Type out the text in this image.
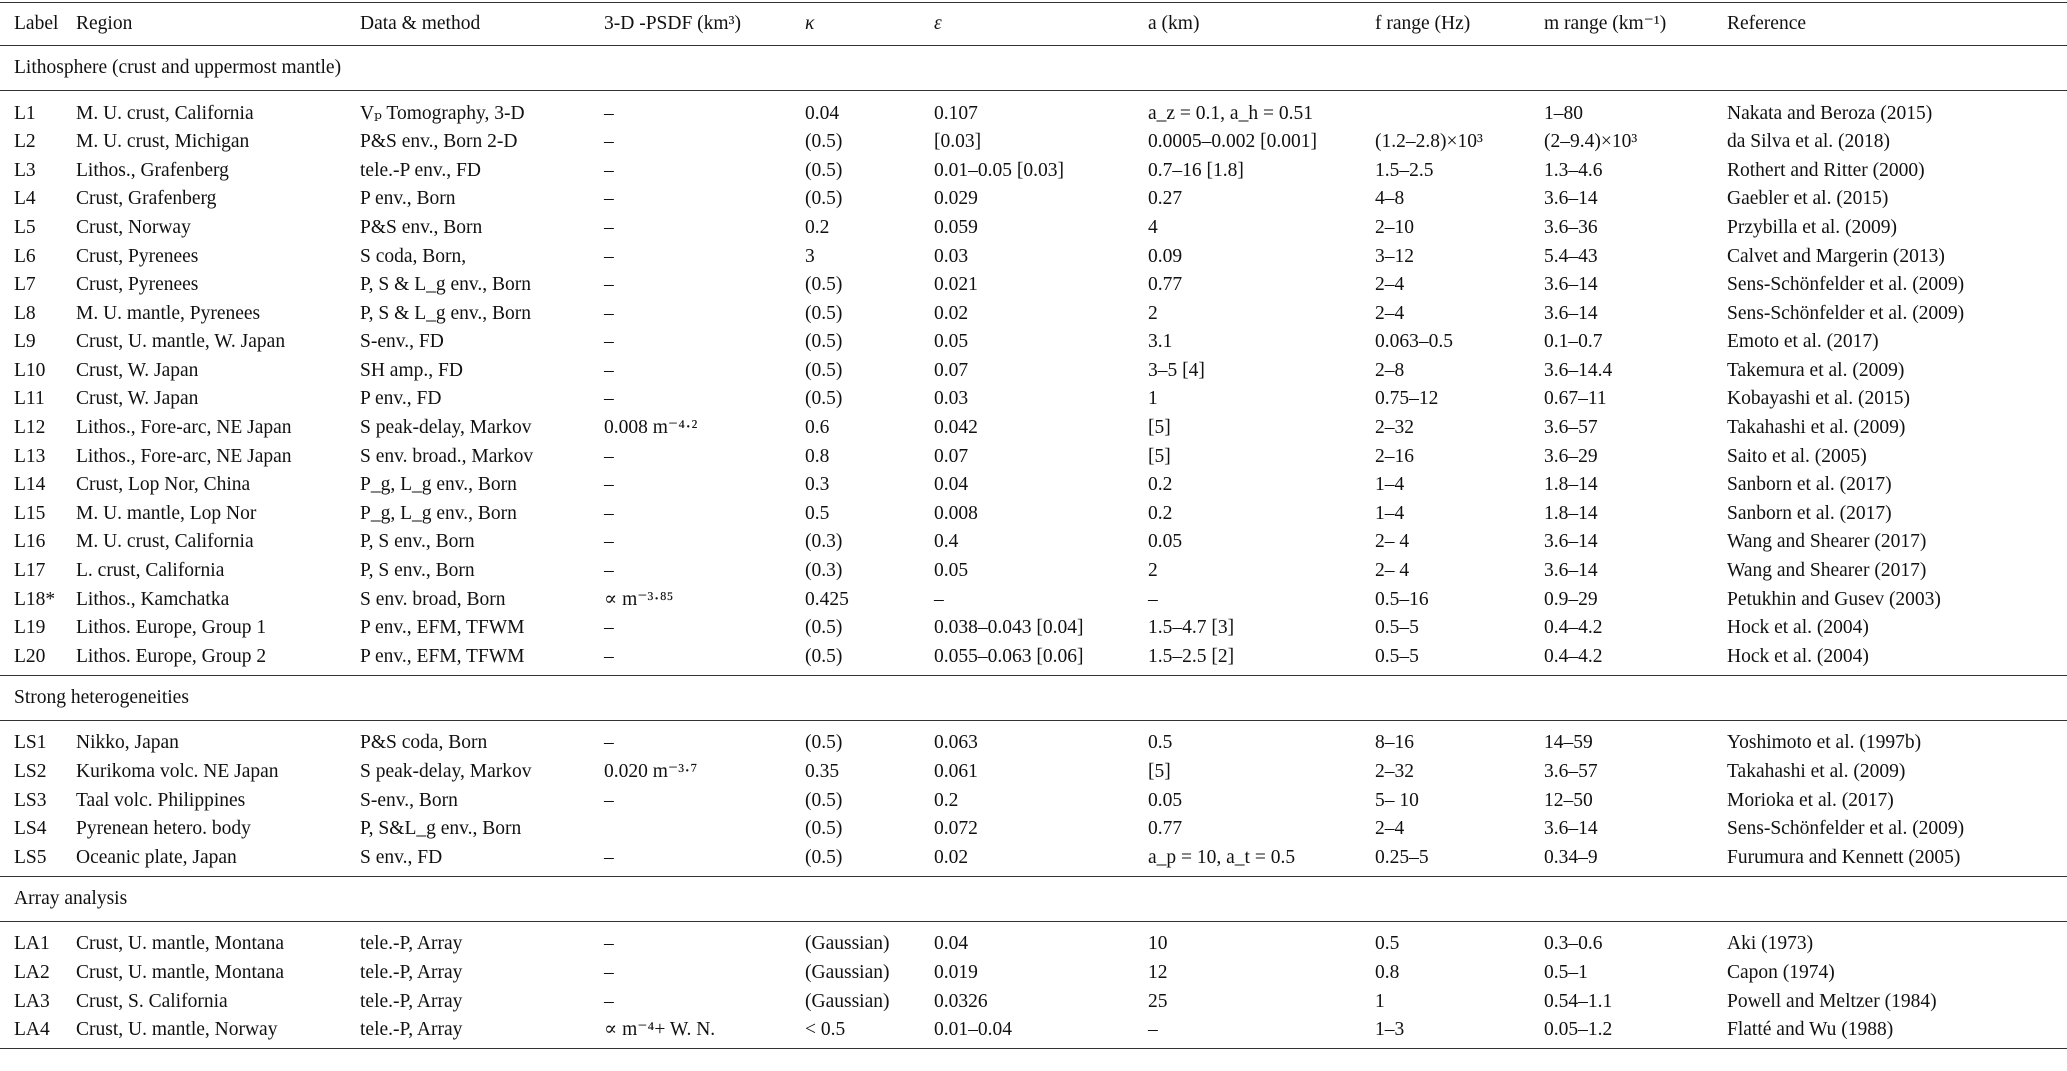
Label	Region	Data & method	3-D -PSDF (km³)	κ	ε	a (km)	f range (Hz)	m range (km⁻¹)	Reference
Lithosphere (crust and uppermost mantle)									

L1	M. U. crust, California	Vₚ Tomography, 3-D	–	0.04	0.107	a_z = 0.1, a_h = 0.51		1–80	Nakata and Beroza (2015)
L2	M. U. crust, Michigan	P&S env., Born 2-D	–	(0.5)	[0.03]	0.0005–0.002 [0.001]	(1.2–2.8)×10³	(2–9.4)×10³	da Silva et al. (2018)
L3	Lithos., Grafenberg	tele.-P env., FD	–	(0.5)	0.01–0.05 [0.03]	0.7–16 [1.8]	1.5–2.5	1.3–4.6	Rothert and Ritter (2000)
L4	Crust, Grafenberg	P env., Born	–	(0.5)	0.029	0.27	4–8	3.6–14	Gaebler et al. (2015)
L5	Crust, Norway	P&S env., Born	–	0.2	0.059	4	2–10	3.6–36	Przybilla et al. (2009)
L6	Crust, Pyrenees	S coda, Born,	–	3	0.03	0.09	3–12	5.4–43	Calvet and Margerin (2013)
L7	Crust, Pyrenees	P, S & L_g env., Born	–	(0.5)	0.021	0.77	2–4	3.6–14	Sens-Schönfelder et al. (2009)
L8	M. U. mantle, Pyrenees	P, S & L_g env., Born	–	(0.5)	0.02	2	2–4	3.6–14	Sens-Schönfelder et al. (2009)
L9	Crust, U. mantle, W. Japan	S-env., FD	–	(0.5)	0.05	3.1	0.063–0.5	0.1–0.7	Emoto et al. (2017)
L10	Crust, W. Japan	SH amp., FD	–	(0.5)	0.07	3–5 [4]	2–8	3.6–14.4	Takemura et al. (2009)
L11	Crust, W. Japan	P env., FD	–	(0.5)	0.03	1	0.75–12	0.67–11	Kobayashi et al. (2015)
L12	Lithos., Fore-arc, NE Japan	S peak-delay, Markov	0.008 m⁻⁴·²	0.6	0.042	[5]	2–32	3.6–57	Takahashi et al. (2009)
L13	Lithos., Fore-arc, NE Japan	S env. broad., Markov	–	0.8	0.07	[5]	2–16	3.6–29	Saito et al. (2005)
L14	Crust, Lop Nor, China	P_g, L_g env., Born	–	0.3	0.04	0.2	1–4	1.8–14	Sanborn et al. (2017)
L15	M. U. mantle, Lop Nor	P_g, L_g env., Born	–	0.5	0.008	0.2	1–4	1.8–14	Sanborn et al. (2017)
L16	M. U. crust, California	P, S env., Born	–	(0.3)	0.4	0.05	2– 4	3.6–14	Wang and Shearer (2017)
L17	L. crust, California	P, S env., Born	–	(0.3)	0.05	2	2– 4	3.6–14	Wang and Shearer (2017)
L18*	Lithos., Kamchatka	S env. broad, Born	∝ m⁻³·⁸⁵	0.425	–	–	0.5–16	0.9–29	Petukhin and Gusev (2003)
L19	Lithos. Europe, Group 1	P env., EFM, TFWM	–	(0.5)	0.038–0.043 [0.04]	1.5–4.7 [3]	0.5–5	0.4–4.2	Hock et al. (2004)
L20	Lithos. Europe, Group 2	P env., EFM, TFWM	–	(0.5)	0.055–0.063 [0.06]	1.5–2.5 [2]	0.5–5	0.4–4.2	Hock et al. (2004)

Strong heterogeneities									

LS1	Nikko, Japan	P&S coda, Born	–	(0.5)	0.063	0.5	8–16	14–59	Yoshimoto et al. (1997b)
LS2	Kurikoma volc. NE Japan	S peak-delay, Markov	0.020 m⁻³·⁷	0.35	0.061	[5]	2–32	3.6–57	Takahashi et al. (2009)
LS3	Taal volc. Philippines	S-env., Born	–	(0.5)	0.2	0.05	5– 10	12–50	Morioka et al. (2017)
LS4	Pyrenean hetero. body	P, S&L_g env., Born		(0.5)	0.072	0.77	2–4	3.6–14	Sens-Schönfelder et al. (2009)
LS5	Oceanic plate, Japan	S env., FD	–	(0.5)	0.02	a_p = 10, a_t = 0.5	0.25–5	0.34–9	Furumura and Kennett (2005)

Array analysis									

LA1	Crust, U. mantle, Montana	tele.-P, Array	–	(Gaussian)	0.04	10	0.5	0.3–0.6	Aki (1973)
LA2	Crust, U. mantle, Montana	tele.-P, Array	–	(Gaussian)	0.019	12	0.8	0.5–1	Capon (1974)
LA3	Crust, S. California	tele.-P, Array	–	(Gaussian)	0.0326	25	1	0.54–1.1	Powell and Meltzer (1984)
LA4	Crust, U. mantle, Norway	tele.-P, Array	∝ m⁻⁴+ W. N.	< 0.5	0.01–0.04	–	1–3	0.05–1.2	Flatté and Wu (1988)
